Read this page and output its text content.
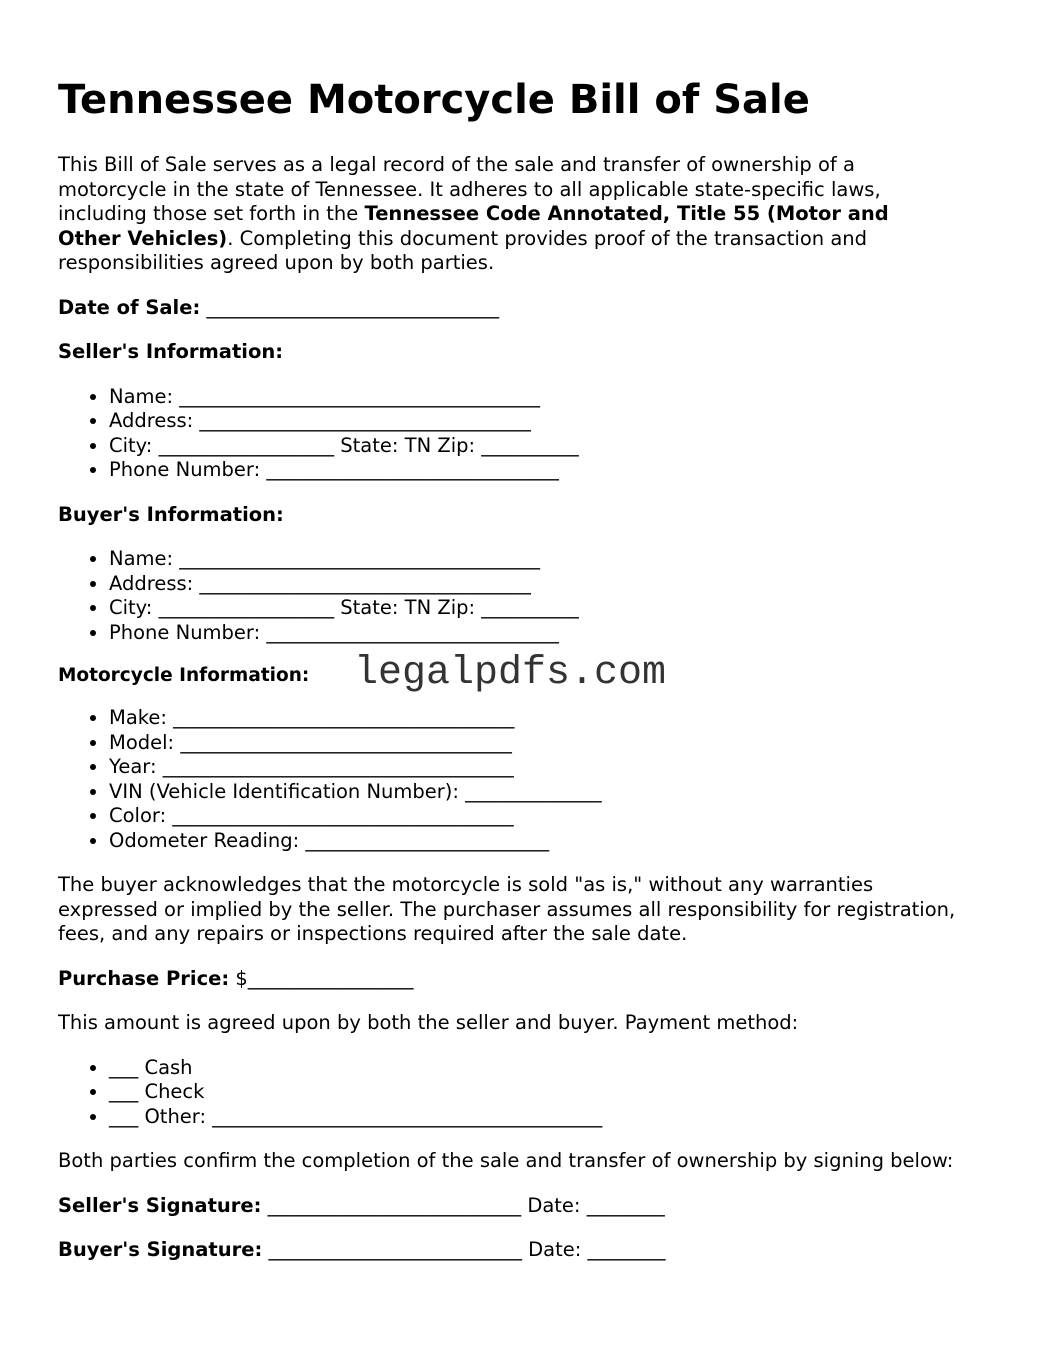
Tennessee Motorcycle Bill of Sale

This Bill of Sale serves as a legal record of the sale and transfer of ownership of a motorcycle in the state of Tennessee. It adheres to all applicable state-specific laws, including those set forth in the Tennessee Code Annotated, Title 55 (Motor and Other Vehicles). Completing this document provides proof of the transaction and responsibilities agreed upon by both parties.

Date of Sale: ______________________________

Seller's Information:

• Name: _____________________________________
• Address: __________________________________
• City: __________________ State: TN Zip: __________
• Phone Number: ______________________________

Buyer's Information:

• Name: _____________________________________
• Address: __________________________________
• City: __________________ State: TN Zip: __________
• Phone Number: ______________________________
Motorcycle Information: legalpdfs.com
• Make: ___________________________________
• Model: __________________________________
• Year: ____________________________________
• VIN (Vehicle Identification Number): ______________
• Color: ___________________________________
• Odometer Reading: _________________________

The buyer acknowledges that the motorcycle is sold "as is," without any warranties expressed or implied by the seller. The purchaser assumes all responsibility for registration, fees, and any repairs or inspections required after the sale date.

Purchase Price: $_________________

This amount is agreed upon by both the seller and buyer. Payment method:

• ___ Cash
• ___ Check
• ___ Other: ________________________________________

Both parties confirm the completion of the sale and transfer of ownership by signing below:

Seller's Signature: __________________________ Date: ________

Buyer's Signature: __________________________ Date: ________
